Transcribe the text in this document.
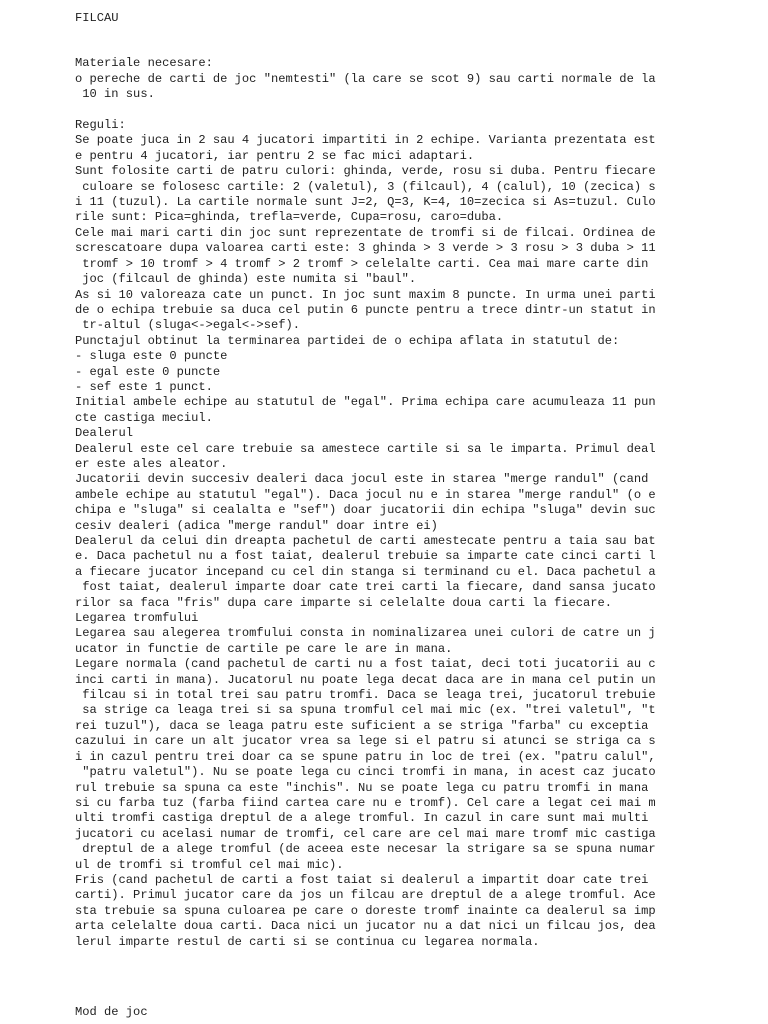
FILCAU

Materiale necesare:
o pereche de carti de joc "nemtesti" (la care se scot 9) sau carti normale de la
10 in sus.

Reguli:
Se poate juca in 2 sau 4 jucatori impartiti in 2 echipe. Varianta prezentata est
e pentru 4 jucatori, iar pentru 2 se fac mici adaptari.
Sunt folosite carti de patru culori: ghinda, verde, rosu si duba. Pentru fiecare
culoare se folosesc cartile: 2 (valetul), 3 (filcaul), 4 (calul), 10 (zecica) s
i 11 (tuzul). La cartile normale sunt J=2, Q=3, K=4, 10=zecica si As=tuzul. Culo
rile sunt: Pica=ghinda, trefla=verde, Cupa=rosu, caro=duba.
Cele mai mari carti din joc sunt reprezentate de tromfi si de filcai. Ordinea de
screscatoare dupa valoarea carti este: 3 ghinda > 3 verde > 3 rosu > 3 duba > 11
tromf > 10 tromf > 4 tromf > 2 tromf > celelalte carti. Cea mai mare carte din
joc (filcaul de ghinda) este numita si "baul".
As si 10 valoreaza cate un punct. In joc sunt maxim 8 puncte. In urma unei parti
de o echipa trebuie sa duca cel putin 6 puncte pentru a trece dintr-un statut in
tr-altul (sluga<->egal<->sef).
Punctajul obtinut la terminarea partidei de o echipa aflata in statutul de:
- sluga este 0 puncte
- egal este 0 puncte
- sef este 1 punct.
Initial ambele echipe au statutul de "egal". Prima echipa care acumuleaza 11 pun
cte castiga meciul.
Dealerul
Dealerul este cel care trebuie sa amestece cartile si sa le imparta. Primul deal
er este ales aleator.
Jucatorii devin succesiv dealeri daca jocul este in starea "merge randul" (cand
ambele echipe au statutul "egal"). Daca jocul nu e in starea "merge randul" (o e
chipa e "sluga" si cealalta e "sef") doar jucatorii din echipa "sluga" devin suc
cesiv dealeri (adica "merge randul" doar intre ei)
Dealerul da celui din dreapta pachetul de carti amestecate pentru a taia sau bat
e. Daca pachetul nu a fost taiat, dealerul trebuie sa imparte cate cinci carti l
a fiecare jucator incepand cu cel din stanga si terminand cu el. Daca pachetul a
fost taiat, dealerul imparte doar cate trei carti la fiecare, dand sansa jucato
rilor sa faca "fris" dupa care imparte si celelalte doua carti la fiecare.
Legarea tromfului
Legarea sau alegerea tromfului consta in nominalizarea unei culori de catre un j
ucator in functie de cartile pe care le are in mana.
Legare normala (cand pachetul de carti nu a fost taiat, deci toti jucatorii au c
inci carti in mana). Jucatorul nu poate lega decat daca are in mana cel putin un
filcau si in total trei sau patru tromfi. Daca se leaga trei, jucatorul trebuie
sa strige ca leaga trei si sa spuna tromful cel mai mic (ex. "trei valetul", "t
rei tuzul"), daca se leaga patru este suficient a se striga "farba" cu exceptia
cazului in care un alt jucator vrea sa lege si el patru si atunci se striga ca s
i in cazul pentru trei doar ca se spune patru in loc de trei (ex. "patru calul",
"patru valetul"). Nu se poate lega cu cinci tromfi in mana, in acest caz jucato
rul trebuie sa spuna ca este "inchis". Nu se poate lega cu patru tromfi in mana
si cu farba tuz (farba fiind cartea care nu e tromf). Cel care a legat cei mai m
ulti tromfi castiga dreptul de a alege tromful. In cazul in care sunt mai multi
jucatori cu acelasi numar de tromfi, cel care are cel mai mare tromf mic castiga
dreptul de a alege tromful (de aceea este necesar la strigare sa se spuna numar
ul de tromfi si tromful cel mai mic).
Fris (cand pachetul de carti a fost taiat si dealerul a impartit doar cate trei
carti). Primul jucator care da jos un filcau are dreptul de a alege tromful. Ace
sta trebuie sa spuna culoarea pe care o doreste tromf inainte ca dealerul sa imp
arta celelalte doua carti. Daca nici un jucator nu a dat nici un filcau jos, dea
lerul imparte restul de carti si se continua cu legarea normala.
Mod de joc
